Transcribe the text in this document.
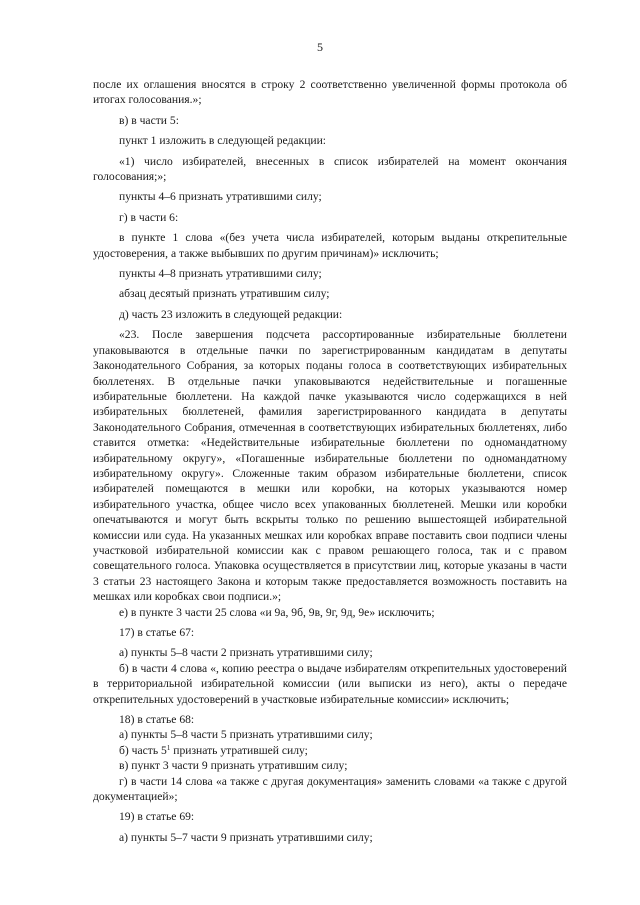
5

после их оглашения вносятся в строку 2 соответственно увеличенной формы протокола об итогах голосования.»;

в) в части 5:

пункт 1 изложить в следующей редакции:

«1) число избирателей, внесенных в список избирателей на момент окончания голосования;»;

пункты 4–6 признать утратившими силу;

г) в части 6:

в пункте 1 слова «(без учета числа избирателей, которым выданы открепительные удостоверения, а также выбывших по другим причинам)» исключить;

пункты 4–8 признать утратившими силу;

абзац десятый признать утратившим силу;

д) часть 23 изложить в следующей редакции:

«23. После завершения подсчета рассортированные избирательные бюллетени упаковываются в отдельные пачки по зарегистрированным кандидатам в депутаты Законодательного Собрания, за которых поданы голоса в соответствующих избирательных бюллетенях. В отдельные пачки упаковываются недействительные и погашенные избирательные бюллетени. На каждой пачке указываются число содержащихся в ней избирательных бюллетеней, фамилия зарегистрированного кандидата в депутаты Законодательного Собрания, отмеченная в соответствующих избирательных бюллетенях, либо ставится отметка: «Недействительные избирательные бюллетени по одномандатному избирательному округу», «Погашенные избирательные бюллетени по одномандатному избирательному округу». Сложенные таким образом избирательные бюллетени, список избирателей помещаются в мешки или коробки, на которых указываются номер избирательного участка, общее число всех упакованных бюллетеней. Мешки или коробки опечатываются и могут быть вскрыты только по решению вышестоящей избирательной комиссии или суда. На указанных мешках или коробках вправе поставить свои подписи члены участковой избирательной комиссии как с правом решающего голоса, так и с правом совещательного голоса. Упаковка осуществляется в присутствии лиц, которые указаны в части 3 статьи 23 настоящего Закона и которым также предоставляется возможность поставить на мешках или коробках свои подписи.»;

е) в пункте 3 части 25 слова «и 9а, 9б, 9в, 9г, 9д, 9е» исключить;

17) в статье 67:

а) пункты 5–8 части 2 признать утратившими силу;

б) в части 4 слова «, копию реестра о выдаче избирателям открепительных удостоверений в территориальной избирательной комиссии (или выписки из него), акты о передаче открепительных удостоверений в участковые избирательные комиссии» исключить;

18) в статье 68:

а) пункты 5–8 части 5 признать утратившими силу;

б) часть $5^1$ признать утратившей силу;

в) пункт 3 части 9 признать утратившим силу;

г) в части 14 слова «а также с другая документация» заменить словами «а также с другой документацией»;

19) в статье 69:

а) пункты 5–7 части 9 признать утратившими силу;
